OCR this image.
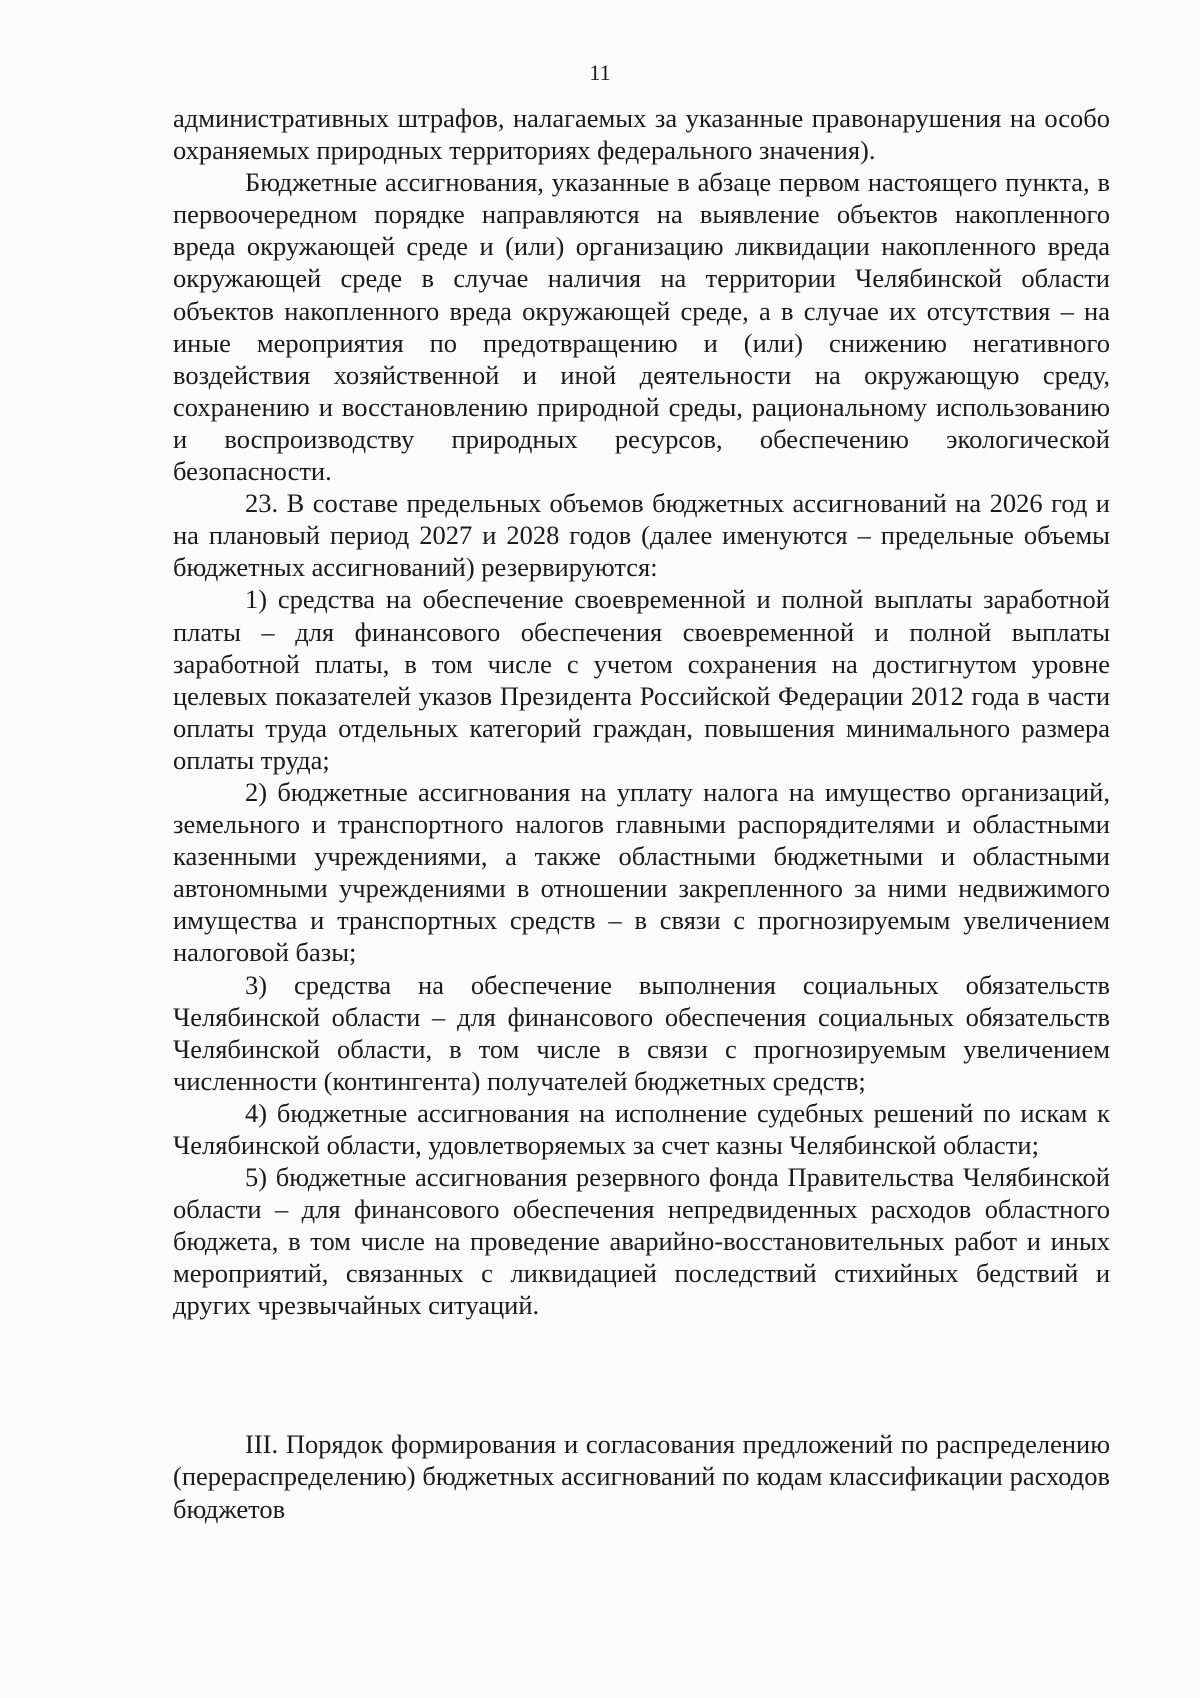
11

административных штрафов, налагаемых за указанные правонарушения на особо охраняемых природных территориях федерального значения).

Бюджетные ассигнования, указанные в абзаце первом настоящего пункта, в первоочередном порядке направляются на выявление объектов накопленного вреда окружающей среде и (или) организацию ликвидации накопленного вреда окружающей среде в случае наличия на территории Челябинской области объектов накопленного вреда окружающей среде, а в случае их отсутствия – на иные мероприятия по предотвращению и (или) снижению негативного воздействия хозяйственной и иной деятельности на окружающую среду, сохранению и восстановлению природной среды, рациональному использованию и воспроизводству природных ресурсов, обеспечению экологической безопасности.

23. В составе предельных объемов бюджетных ассигнований на 2026 год и на плановый период 2027 и 2028 годов (далее именуются – предельные объемы бюджетных ассигнований) резервируются:

1) средства на обеспечение своевременной и полной выплаты заработной платы – для финансового обеспечения своевременной и полной выплаты заработной платы, в том числе с учетом сохранения на достигнутом уровне целевых показателей указов Президента Российской Федерации 2012 года в части оплаты труда отдельных категорий граждан, повышения минимального размера оплаты труда;

2) бюджетные ассигнования на уплату налога на имущество организаций, земельного и транспортного налогов главными распорядителями и областными казенными учреждениями, а также областными бюджетными и областными автономными учреждениями в отношении закрепленного за ними недвижимого имущества и транспортных средств – в связи с прогнозируемым увеличением налоговой базы;

3) средства на обеспечение выполнения социальных обязательств Челябинской области – для финансового обеспечения социальных обязательств Челябинской области, в том числе в связи с прогнозируемым увеличением численности (контингента) получателей бюджетных средств;

4) бюджетные ассигнования на исполнение судебных решений по искам к Челябинской области, удовлетворяемых за счет казны Челябинской области;

5) бюджетные ассигнования резервного фонда Правительства Челябинской области – для финансового обеспечения непредвиденных расходов областного бюджета, в том числе на проведение аварийно-восстановительных работ и иных мероприятий, связанных с ликвидацией последствий стихийных бедствий и других чрезвычайных ситуаций.

III. Порядок формирования и согласования предложений по распределению (перераспределению) бюджетных ассигнований по кодам классификации расходов бюджетов
